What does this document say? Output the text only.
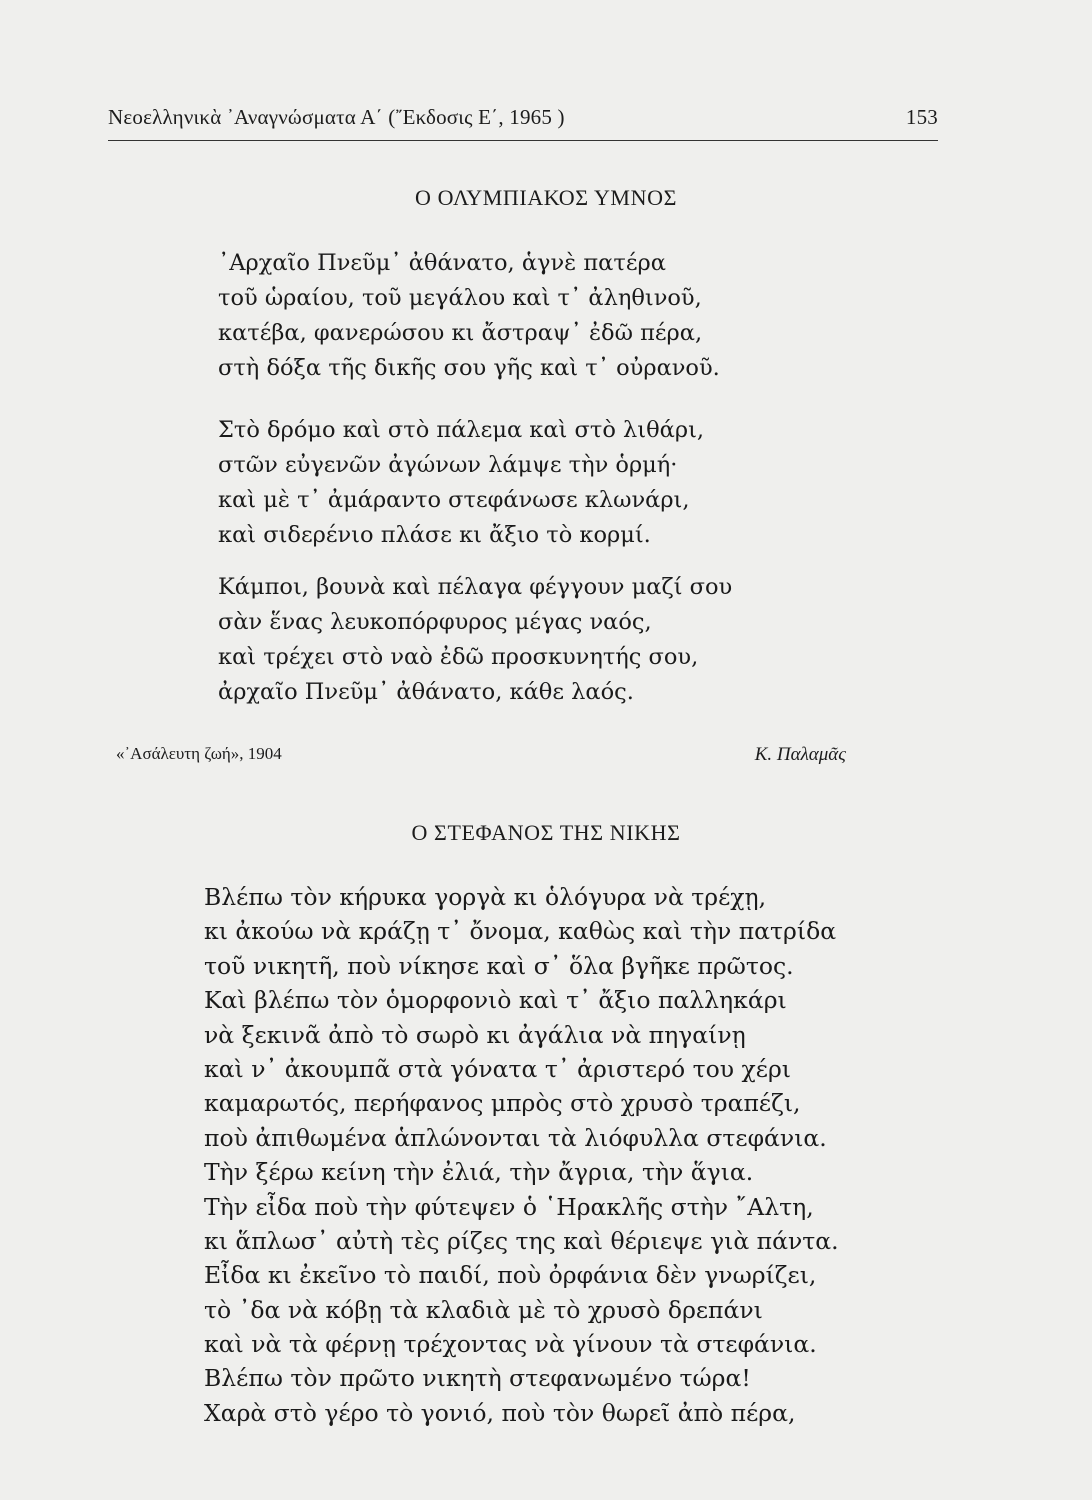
Νεοελληνικὰ ᾿Αναγνώσματα Α΄ (῎Εκδοσις Ε΄, 1965 )	153
Ο ΟΛΥΜΠΙΑΚΟΣ ΥΜΝΟΣ
᾿Αρχαῖο Πνεῦμ᾿ ἀθάνατο, ἁγνὲ πατέρα
τοῦ ὡραίου, τοῦ μεγάλου καὶ τ᾿ ἀληθινοῦ,
κατέβα, φανερώσου κι ἄστραψ᾿ ἐδῶ πέρα,
στὴ δόξα τῆς δικῆς σου γῆς καὶ τ᾿ οὐρανοῦ.
Στὸ δρόμο καὶ στὸ πάλεμα καὶ στὸ λιθάρι,
στῶν εὐγενῶν ἀγώνων λάμψε τὴν ὁρμή·
καὶ μὲ τ᾿ ἀμάραντο στεφάνωσε κλωνάρι,
καὶ σιδερένιο πλάσε κι ἄξιο τὸ κορμί.
Κάμποι, βουνὰ καὶ πέλαγα φέγγουν μαζί σου
σὰν ἕνας λευκοπόρφυρος μέγας ναός,
καὶ τρέχει στὸ ναὸ ἐδῶ προσκυνητής σου,
ἀρχαῖο Πνεῦμ᾿ ἀθάνατο, κάθε λαός.
«᾿Ασάλευτη ζωή», 1904	Κ. Παλαμᾶς
Ο ΣΤΕΦΑΝΟΣ ΤΗΣ ΝΙΚΗΣ
Βλέπω τὸν κήρυκα γοργὰ κι ὁλόγυρα νὰ τρέχῃ,
κι ἀκούω νὰ κράζῃ τ᾿ ὄνομα, καθὼς καὶ τὴν πατρίδα
τοῦ νικητῆ, ποὺ νίκησε καὶ σ᾿ ὅλα βγῆκε πρῶτος.
Καὶ βλέπω τὸν ὁμορφονιὸ καὶ τ᾿ ἄξιο παλληκάρι
νὰ ξεκινᾶ ἀπὸ τὸ σωρὸ κι ἀγάλια νὰ πηγαίνῃ
καὶ ν᾿ ἀκουμπᾶ στὰ γόνατα τ᾿ ἀριστερό του χέρι
καμαρωτός, περήφανος μπρὸς στὸ χρυσὸ τραπέζι,
ποὺ ἀπιθωμένα ἁπλώνονται τὰ λιόφυλλα στεφάνια.
Τὴν ξέρω κείνη τὴν ἐλιά, τὴν ἄγρια, τὴν ἅγια.
Τὴν εἶδα ποὺ τὴν φύτεψεν ὁ ῾Ηρακλῆς στὴν ῎Αλτη,
κι ἅπλωσ᾿ αὐτὴ τὲς ρίζες της καὶ θέριεψε γιὰ πάντα.
Εἶδα κι ἐκεῖνο τὸ παιδί, ποὺ ὀρφάνια δὲν γνωρίζει,
τὸ ᾿δα νὰ κόβῃ τὰ κλαδιὰ μὲ τὸ χρυσὸ δρεπάνι
καὶ νὰ τὰ φέρνῃ τρέχοντας νὰ γίνουν τὰ στεφάνια.
Βλέπω τὸν πρῶτο νικητὴ στεφανωμένο τώρα!
Χαρὰ στὸ γέρο τὸ γονιό, ποὺ τὸν θωρεῖ ἀπὸ πέρα,
